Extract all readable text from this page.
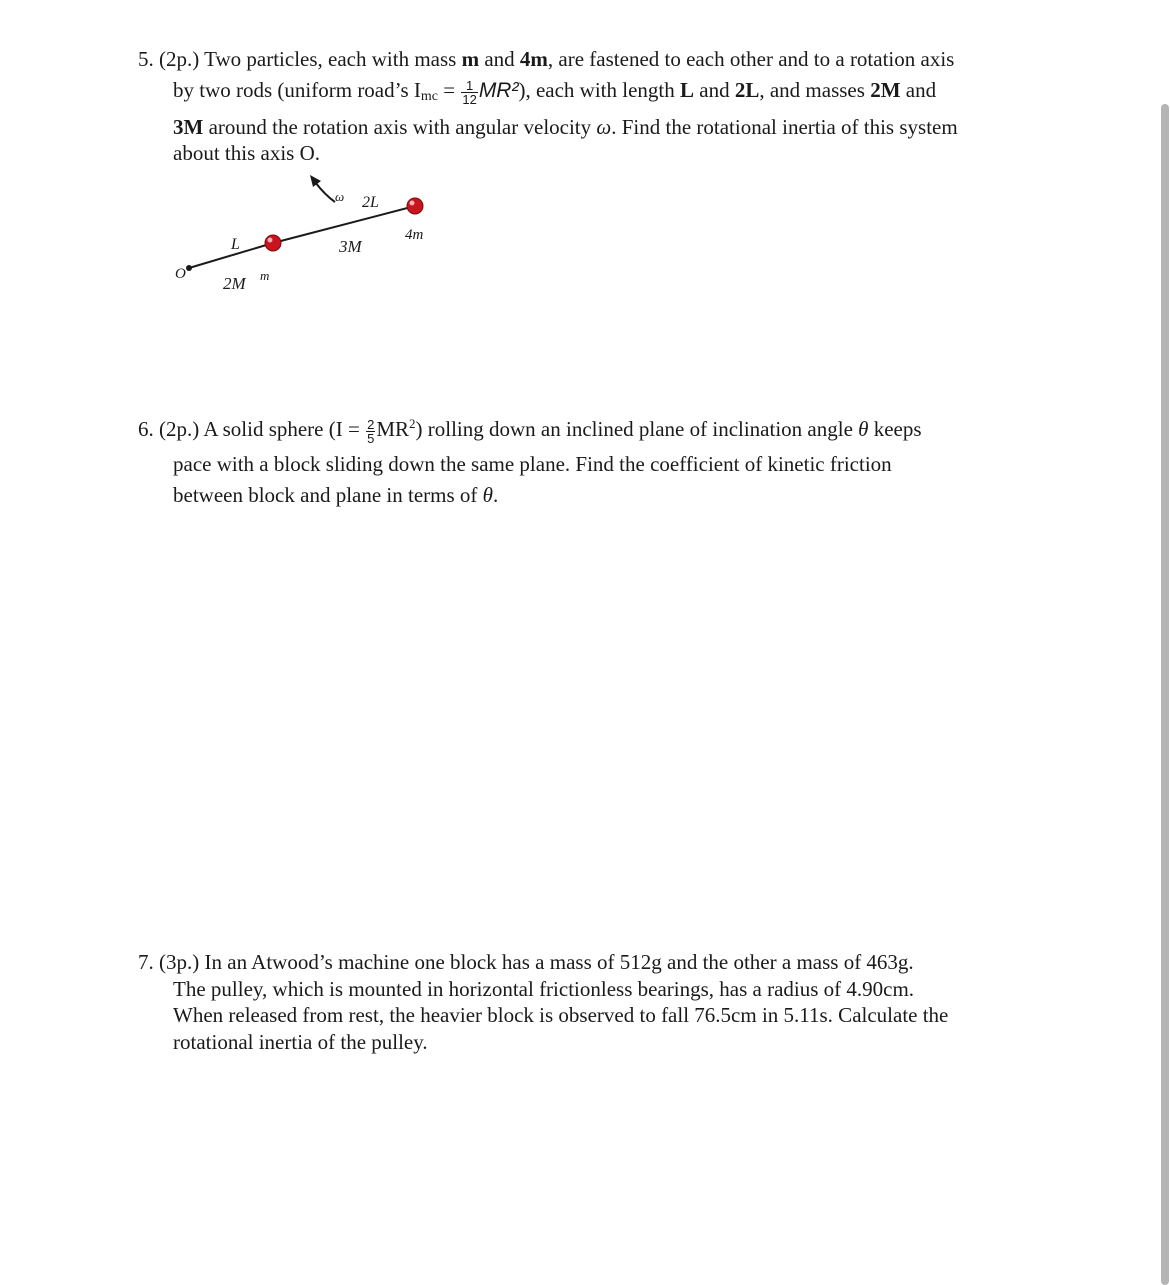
5. (2p.) Two particles, each with mass m and 4m, are fastened to each other and to a rotation axis
by two rods (uniform road’s Imc = $\frac{1}{12} MR^2$), each with length L and 2L, and masses 2M and
3M around the rotation axis with angular velocity ω. Find the rotational inertia of this system
about this axis O.
O
ω 2L
L	3M
4m
2M m
6. (2p.) A solid sphere $(I = \frac{2}{5} MR^2)$ rolling down an inclined plane of inclination angle θ keeps
pace with a block sliding down the same plane. Find the coefficient of kinetic friction
between block and plane in terms of θ.
7. (3p.) In an Atwood’s machine one block has a mass of 512g and the other a mass of 463g.
The pulley, which is mounted in horizontal frictionless bearings, has a radius of 4.90cm.
When released from rest, the heavier block is observed to fall 76.5cm in 5.11s. Calculate the
rotational inertia of the pulley.
